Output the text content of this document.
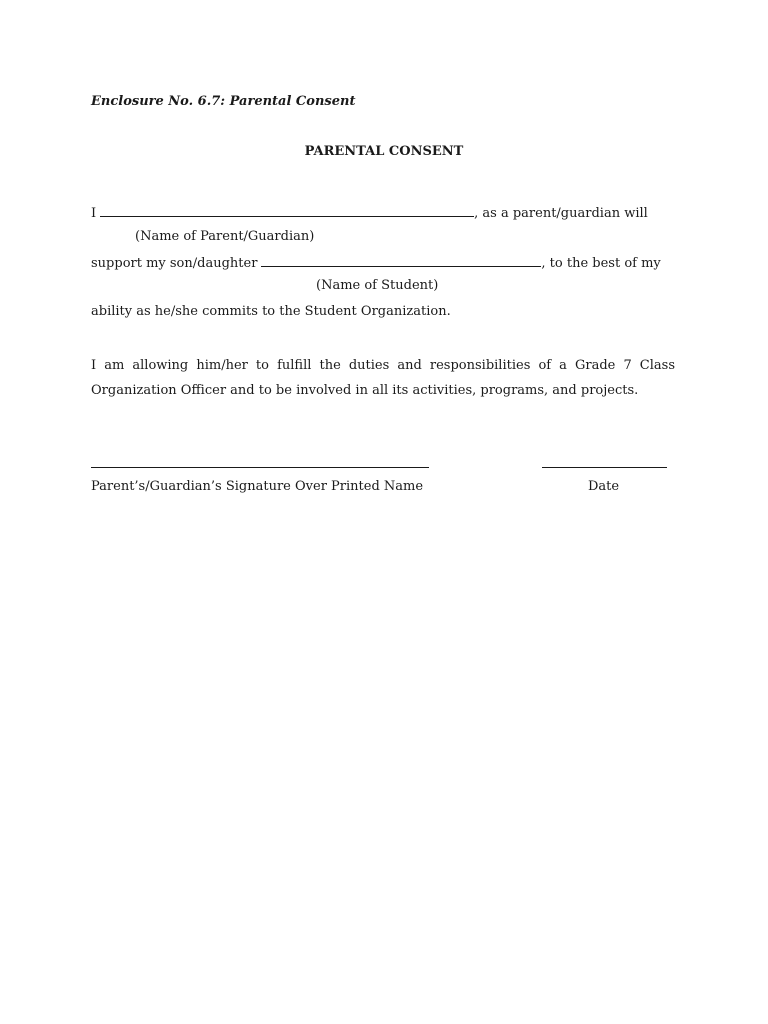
Enclosure No. 6.7: Parental Consent
PARENTAL CONSENT
I	, as a parent/guardian will
(Name of Parent/Guardian)
support my son/daughter	, to the best of my
(Name of Student)
ability as he/she commits to the Student Organization.
I am allowing him/her to fulfill the duties and responsibilities of a Grade 7 Class
Organization Officer and to be involved in all its activities, programs, and projects.
Parent’s/Guardian’s Signature Over Printed Name	Date
